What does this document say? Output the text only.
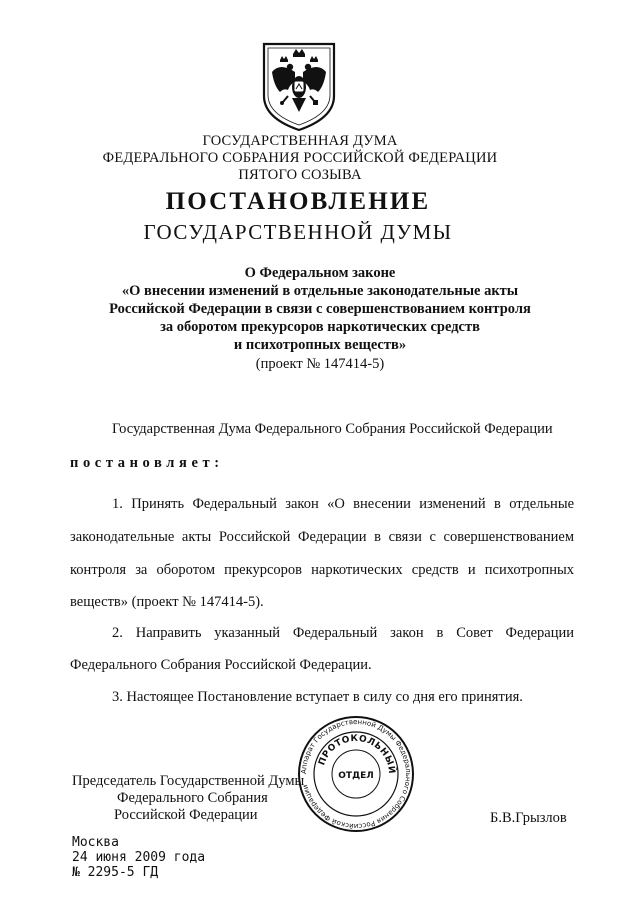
ГОСУДАРСТВЕННАЯ ДУМА
ФЕДЕРАЛЬНОГО СОБРАНИЯ РОССИЙСКОЙ ФЕДЕРАЦИИ
ПЯТОГО СОЗЫВА
ПОСТАНОВЛЕНИЕ
ГОСУДАРСТВЕННОЙ ДУМЫ
О Федеральном законе
«О внесении изменений в отдельные законодательные акты
Российской Федерации в связи с совершенствованием контроля
за оборотом прекурсоров наркотических средств
и психотропных веществ»
(проект № 147414-5)
Государственная Дума Федерального Собрания Российской Федерации
постановляет:
1. Принять Федеральный закон «О внесении изменений в отдельные
законодательные акты Российской Федерации в связи с совершенствованием
контроля за оборотом прекурсоров наркотических средств и психотропных
веществ» (проект № 147414-5).
2. Направить указанный Федеральный закон в Совет Федерации
Федерального Собрания Российской Федерации.
3. Настоящее Постановление вступает в силу со дня его принятия.
Председатель Государственной Думы
Федерального Собрания
Российской Федерации	Б.В.Грызлов
Аппарат Государственной Думы Федерального Собрания Российской Федерации
ПРОТОКОЛЬНЫЙ
ОТДЕЛ
Москва
24 июня 2009 года
№ 2295-5 ГД
